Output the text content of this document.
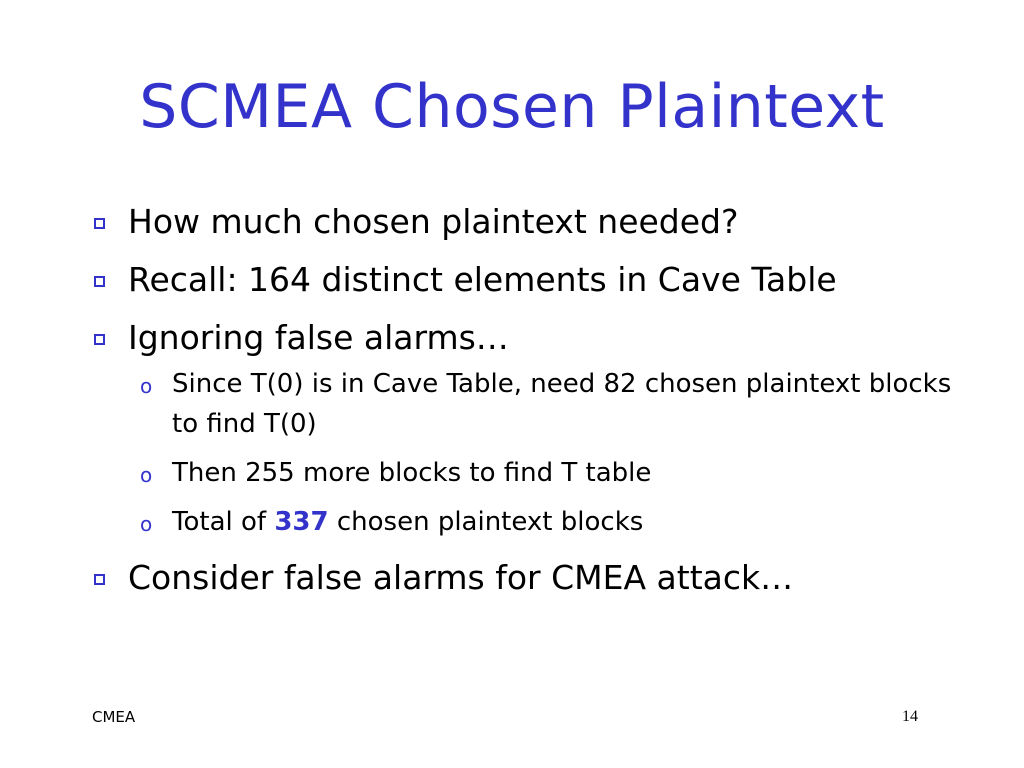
SCMEA Chosen Plaintext
How much chosen plaintext needed?
Recall: 164 distinct elements in Cave Table
Ignoring false alarms…
o Since T(0) is in Cave Table, need 82 chosen plaintext blocks to find T(0)
o Then 255 more blocks to find T table
o Total of 337 chosen plaintext blocks
Consider false alarms for CMEA attack…
CMEA	14
